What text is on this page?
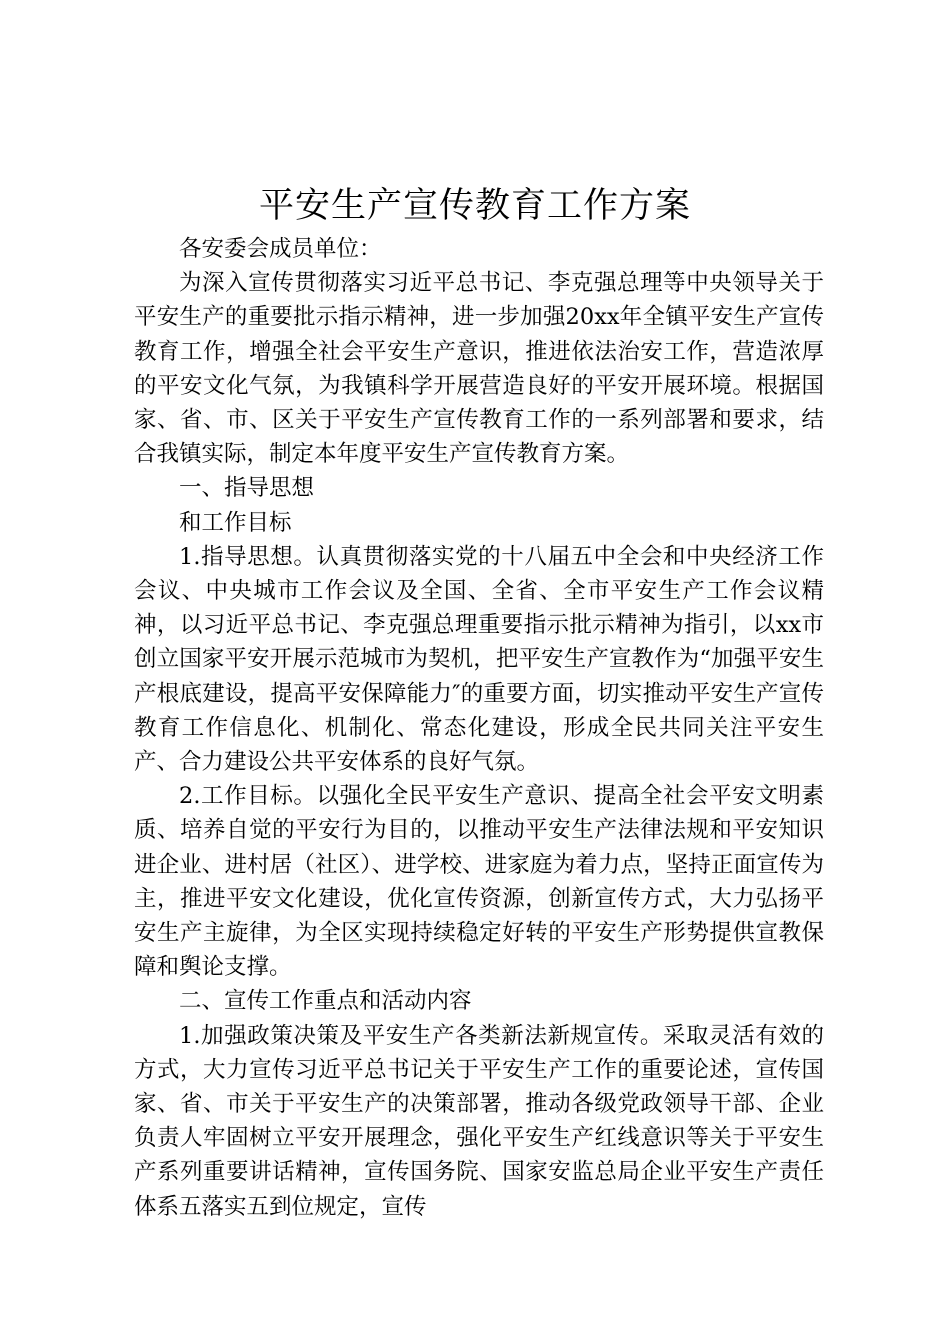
平安生产宣传教育工作方案

各安委会成员单位：

为深入宣传贯彻落实习近平总书记、李克强总理等中央领导关于平安生产的重要批示指示精神，进一步加强20xx年全镇平安生产宣传教育工作，增强全社会平安生产意识，推进依法治安工作，营造浓厚的平安文化气氛，为我镇科学开展营造良好的平安开展环境。根据国家、省、市、区关于平安生产宣传教育工作的一系列部署和要求，结合我镇实际，制定本年度平安生产宣传教育方案。

一、指导思想

和工作目标

1.指导思想。认真贯彻落实党的十八届五中全会和中央经济工作会议、中央城市工作会议及全国、全省、全市平安生产工作会议精神，以习近平总书记、李克强总理重要指示批示精神为指引，以xx市创立国家平安开展示范城市为契机，把平安生产宣教作为“加强平安生产根底建设，提高平安保障能力″的重要方面，切实推动平安生产宣传教育工作信息化、机制化、常态化建设，形成全民共同关注平安生产、合力建设公共平安体系的良好气氛。

2.工作目标。以强化全民平安生产意识、提高全社会平安文明素质、培养自觉的平安行为目的，以推动平安生产法律法规和平安知识进企业、进村居（社区）、进学校、进家庭为着力点，坚持正面宣传为主，推进平安文化建设，优化宣传资源，创新宣传方式，大力弘扬平安生产主旋律，为全区实现持续稳定好转的平安生产形势提供宣教保障和舆论支撑。

二、宣传工作重点和活动内容

1.加强政策决策及平安生产各类新法新规宣传。采取灵活有效的方式，大力宣传习近平总书记关于平安生产工作的重要论述，宣传国家、省、市关于平安生产的决策部署，推动各级党政领导干部、企业负责人牢固树立平安开展理念，强化平安生产红线意识等关于平安生产系列重要讲话精神，宣传国务院、国家安监总局企业平安生产责任体系五落实五到位规定，宣传
